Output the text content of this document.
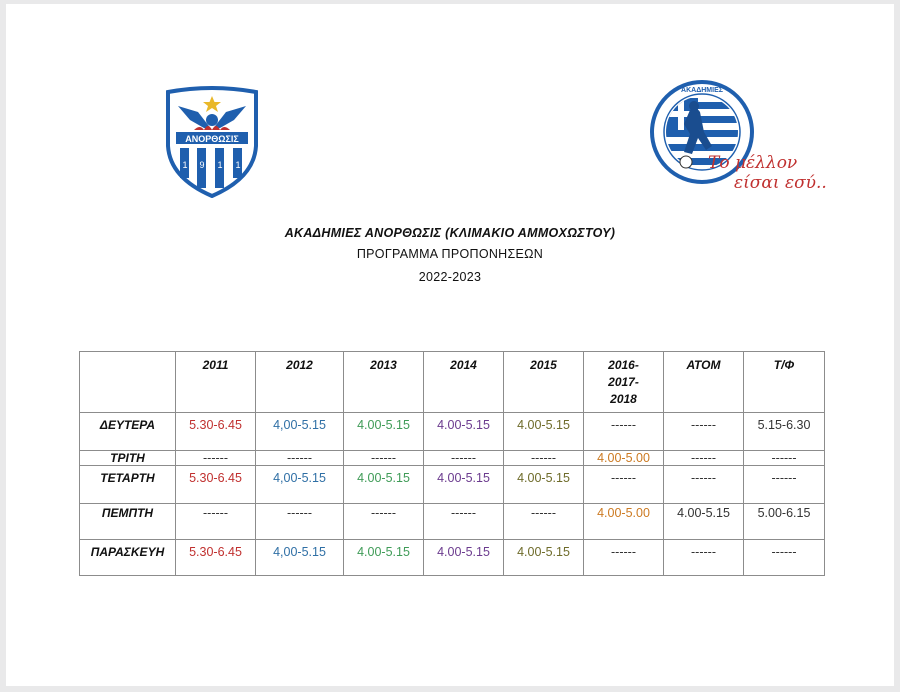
ΑΝΟΡΘΩΣΙΣ
1 9 1 1
ΑΚΑΔΗΜΙΕΣ
Το μέλλον
είσαι εσύ...
ΑΚΑΔΗΜΙΕΣ ΑΝΟΡΘΩΣΙΣ (ΚΛΙΜΑΚΙΟ ΑΜΜΟΧΩΣΤΟΥ)
ΠΡΟΓΡΑΜΜΑ ΠΡΟΠΟΝΗΣΕΩΝ
2022-2023
	2011	2012	2013	2014	2015	2016-
2017-
2018	ΑΤΟΜ	Τ/Φ
ΔΕΥΤΕΡΑ	5.30-6.45	4,00-5.15	4.00-5.15	4.00-5.15	4.00-5.15	------	------	5.15-6.30
ΤΡΙΤΗ	------	------	------	------	------	4.00-5.00	------	------
ΤΕΤΑΡΤΗ	5.30-6.45	4,00-5.15	4.00-5.15	4.00-5.15	4.00-5.15	------	------	------
ΠΕΜΠΤΗ	------	------	------	------	------	4.00-5.00	4.00-5.15	5.00-6.15
ΠΑΡΑΣΚΕΥΗ	5.30-6.45	4,00-5.15	4.00-5.15	4.00-5.15	4.00-5.15	------	------	------
